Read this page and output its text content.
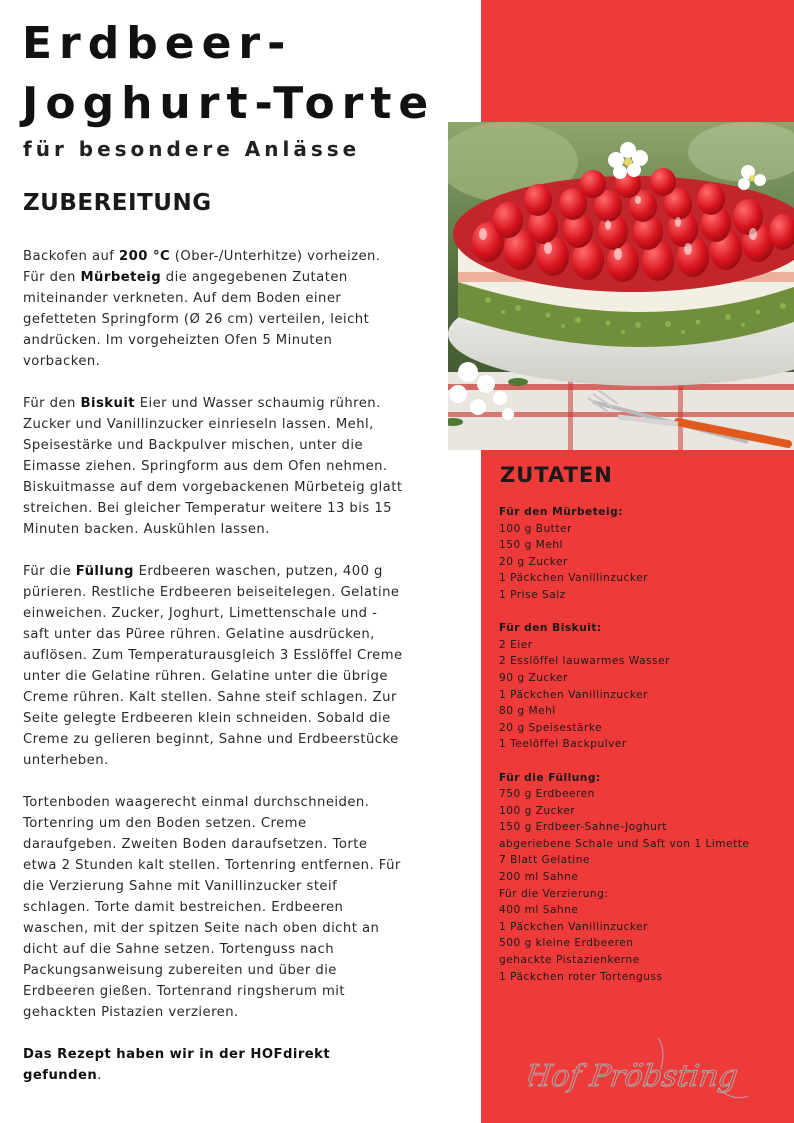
Erdbeer-
Joghurt-Torte
für besondere Anlässe
ZUBEREITUNG

Backofen auf 200 °C (Ober-/Unterhitze) vorheizen. Für den Mürbeteig die angegebenen Zutaten miteinander verkneten. Auf dem Boden einer gefetteten Springform (Ø 26 cm) verteilen, leicht andrücken. Im vorgeheizten Ofen 5 Minuten vorbacken.

Für den Biskuit Eier und Wasser schaumig rühren. Zucker und Vanillinzucker einrieseln lassen. Mehl, Speisestärke und Backpulver mischen, unter die Eimasse ziehen. Springform aus dem Ofen nehmen. Biskuitmasse auf dem vorgebackenen Mürbeteig glatt streichen. Bei gleicher Temperatur weitere 13 bis 15 Minuten backen. Auskühlen lassen.

Für die Füllung Erdbeeren waschen, putzen, 400 g pürieren. Restliche Erdbeeren beiseitelegen. Gelatine einweichen. Zucker, Joghurt, Limettenschale und -saft unter das Püree rühren. Gelatine ausdrücken, auflösen. Zum Temperaturausgleich 3 Esslöffel Creme unter die Gelatine rühren. Gelatine unter die übrige Creme rühren. Kalt stellen. Sahne steif schlagen. Zur Seite gelegte Erdbeeren klein schneiden. Sobald die Creme zu gelieren beginnt, Sahne und Erdbeerstücke unterheben.

Tortenboden waagerecht einmal durchschneiden. Tortenring um den Boden setzen. Creme daraufgeben. Zweiten Boden daraufsetzen. Torte etwa 2 Stunden kalt stellen. Tortenring entfernen. Für die Verzierung Sahne mit Vanillinzucker steif schlagen. Torte damit bestreichen. Erdbeeren waschen, mit der spitzen Seite nach oben dicht an dicht auf die Sahne setzen. Tortenguss nach Packungsanweisung zubereiten und über die Erdbeeren gießen. Tortenrand ringsherum mit gehackten Pistazien verzieren.

Das Rezept haben wir in der HOFdirekt gefunden.

ZUTATEN
Für den Mürbeteig:
100 g Butter
150 g Mehl
20 g Zucker
1 Päckchen Vanillinzucker
1 Prise Salz
Für den Biskuit:
2 Eier
2 Esslöffel lauwarmes Wasser
90 g Zucker
1 Päckchen Vanillinzucker
80 g Mehl
20 g Speisestärke
1 Teelöffel Backpulver
Für die Füllung:
750 g Erdbeeren
100 g Zucker
150 g Erdbeer-Sahne-Joghurt
abgeriebene Schale und Saft von 1 Limette
7 Blatt Gelatine
200 ml Sahne
Für die Verzierung:
400 ml Sahne
1 Päckchen Vanillinzucker
500 g kleine Erdbeeren
gehackte Pistazienkerne
1 Päckchen roter Tortenguss
Hof Pröbsting
